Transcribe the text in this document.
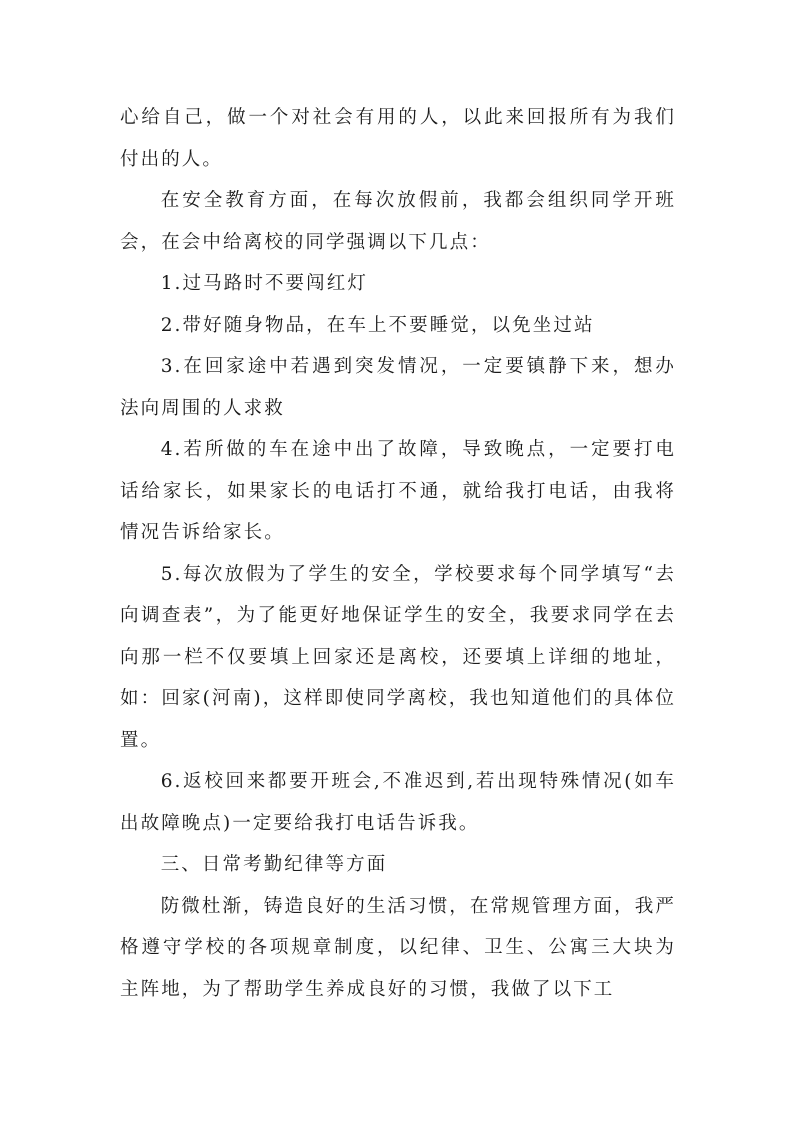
心给自己，做一个对社会有用的人，以此来回报所有为我们付出的人。

在安全教育方面，在每次放假前，我都会组织同学开班会，在会中给离校的同学强调以下几点：

1.过马路时不要闯红灯

2.带好随身物品，在车上不要睡觉，以免坐过站

3.在回家途中若遇到突发情况，一定要镇静下来，想办法向周围的人求救

4.若所做的车在途中出了故障，导致晚点，一定要打电话给家长，如果家长的电话打不通，就给我打电话，由我将情况告诉给家长。

5.每次放假为了学生的安全，学校要求每个同学填写“去向调查表”，为了能更好地保证学生的安全，我要求同学在去向那一栏不仅要填上回家还是离校，还要填上详细的地址，如：回家(河南)，这样即使同学离校，我也知道他们的具体位置。

6.返校回来都要开班会,不准迟到,若出现特殊情况(如车出故障晚点)一定要给我打电话告诉我。

三、日常考勤纪律等方面

防微杜渐，铸造良好的生活习惯，在常规管理方面，我严格遵守学校的各项规章制度，以纪律、卫生、公寓三大块为主阵地，为了帮助学生养成良好的习惯，我做了以下工
